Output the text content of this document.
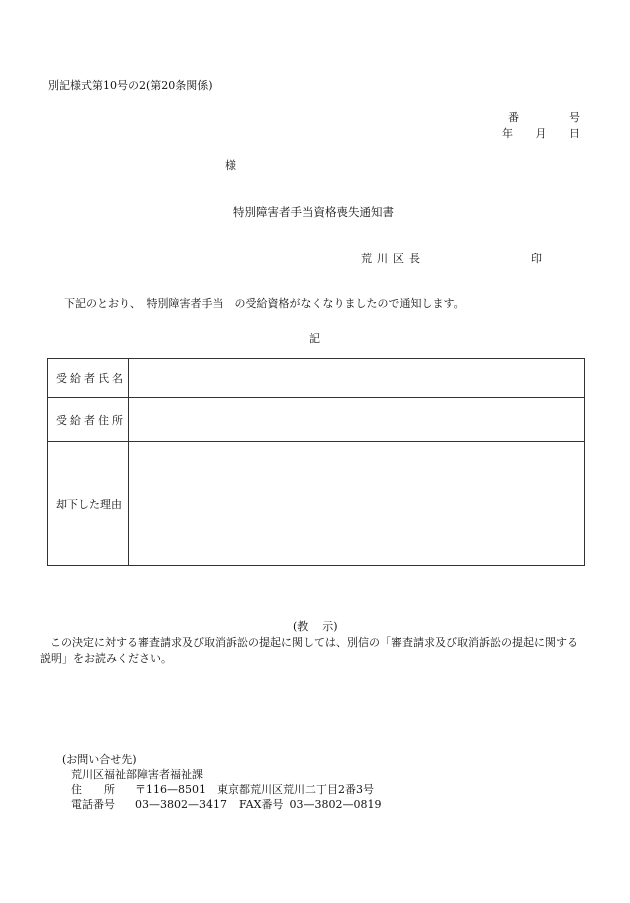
別記様式第10号の2(第20条関係)
番	号
年 月 日
様
特別障害者手当資格喪失通知書
荒川区長	印
下記のとおり、　特別障害者手当　の受給資格がなくなりましたので通知します。
記
受給者氏名	
受給者住所	
却下した理由	
(教 示)
この決定に対する審査請求及び取消訴訟の提起に関しては、別信の「審査請求及び取消訴訟の提起に関する説明」をお読みください。
(お問い合せ先)
荒川区福祉部障害者福祉課
住　　所 〒116—8501　東京都荒川区荒川二丁目2番3号
電話番号 03—3802—3417 FAX番号 03—3802—0819
